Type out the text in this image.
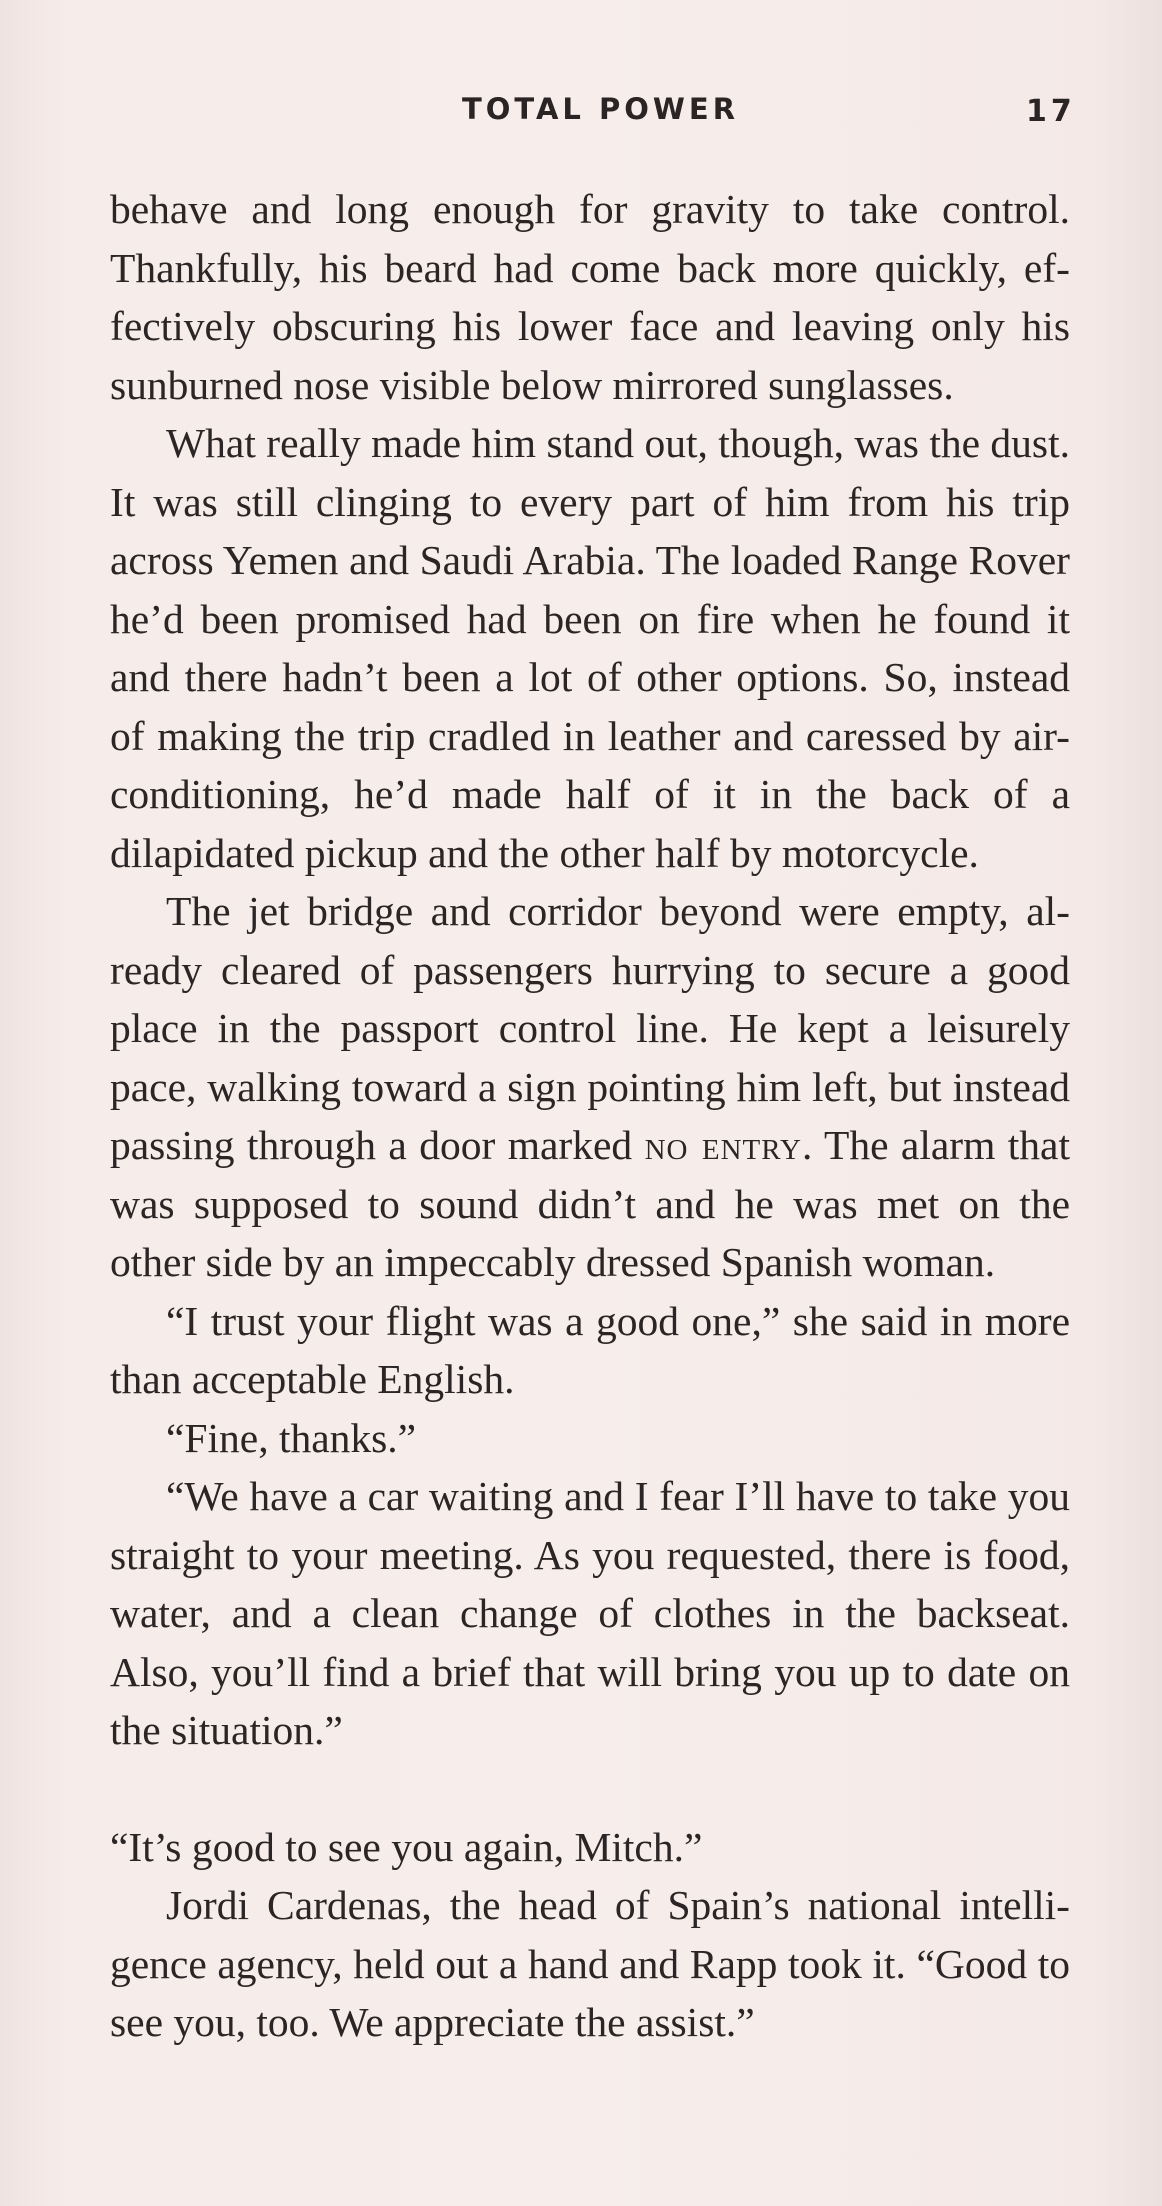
TOTAL POWER	17

behave and long enough for gravity to take control. Thankfully, his beard had come back more quickly, effectively obscuring his lower face and leaving only his sunburned nose visible below mirrored sunglasses.

What really made him stand out, though, was the dust. It was still clinging to every part of him from his trip across Yemen and Saudi Arabia. The loaded Range Rover he’d been promised had been on fire when he found it and there hadn’t been a lot of other options. So, instead of making the trip cradled in leather and caressed by air-conditioning, he’d made half of it in the back of a dilapidated pickup and the other half by motorcycle.

The jet bridge and corridor beyond were empty, already cleared of passengers hurrying to secure a good place in the passport control line. He kept a leisurely pace, walking toward a sign pointing him left, but instead passing through a door marked no entry. The alarm that was supposed to sound didn’t and he was met on the other side by an impeccably dressed Spanish woman.

“I trust your flight was a good one,” she said in more than acceptable English.

“Fine, thanks.”

“We have a car waiting and I fear I’ll have to take you straight to your meeting. As you requested, there is food, water, and a clean change of clothes in the backseat. Also, you’ll find a brief that will bring you up to date on the situation.”

“It’s good to see you again, Mitch.”

Jordi Cardenas, the head of Spain’s national intelligence agency, held out a hand and Rapp took it. “Good to see you, too. We appreciate the assist.”
